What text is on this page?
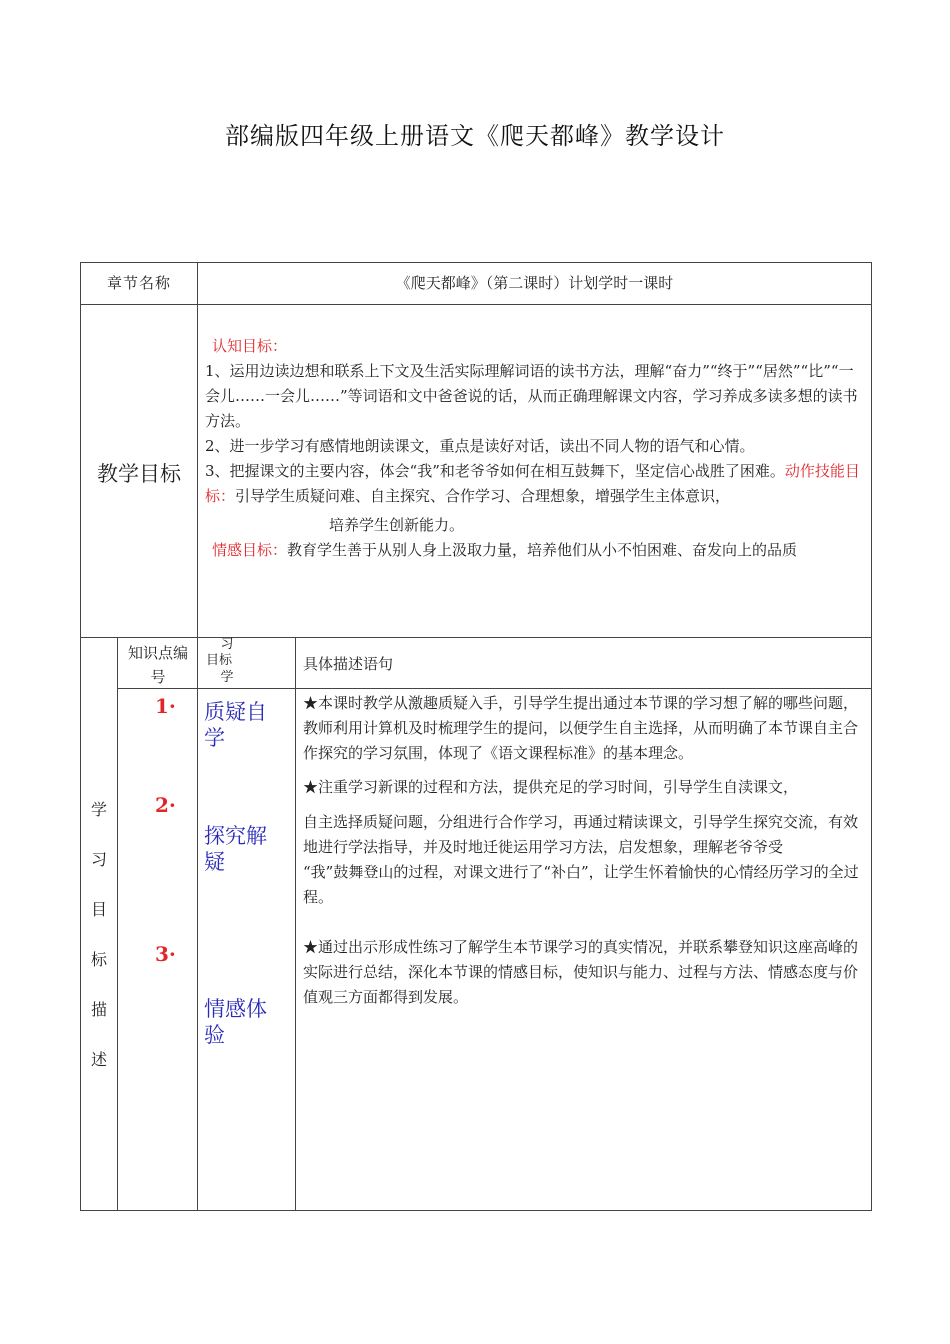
部编版四年级上册语文《爬天都峰》教学设计
章节名称	《爬天都峰》（第二课时）计划学时一课时
教学目标
认知目标：
1、运用边读边想和联系上下文及生活实际理解词语的读书方法，理解“奋力”“终于”“居然”“比”“一会儿……一会儿……”等词语和文中爸爸说的话，从而正确理解课文内容，学习养成多读多想的读书方法。
2、进一步学习有感情地朗读课文，重点是读好对话，读出不同人物的语气和心情。
3、把握课文的主要内容，体会“我”和老爷爷如何在相互鼓舞下，坚定信心战胜了困难。动作技能目标：引导学生质疑问难、自主探究、合作学习、合理想象，增强学生主体意识，
培养学生创新能力。
情感目标：教育学生善于从别人身上汲取力量，培养他们从小不怕困难、奋发向上的品质
学
习
目
标
描
述
知识点编号
习
目标
学
具体描述语句
1·
2·
3·
质疑自学
探究解疑
情感体验

★本课时教学从激趣质疑入手，引导学生提出通过本节课的学习想了解的哪些问题，教师利用计算机及时梳理学生的提问，以便学生自主选择，从而明确了本节课自主合作探究的学习氛围，体现了《语文课程标准》的基本理念。

★注重学习新课的过程和方法，提供充足的学习时间，引导学生自渎课文，

自主选择质疑问题，分组进行合作学习，再通过精读课文，引导学生探究交流，有效地进行学法指导，并及时地迁徙运用学习方法，启发想象，理解老爷爷受

“我”鼓舞登山的过程，对课文进行了“补白”，让学生怀着愉快的心情经历学习的全过程。

★通过出示形成性练习了解学生本节课学习的真实情况，并联系攀登知识这座高峰的实际进行总结，深化本节课的情感目标，使知识与能力、过程与方法、情感态度与价值观三方面都得到发展。
